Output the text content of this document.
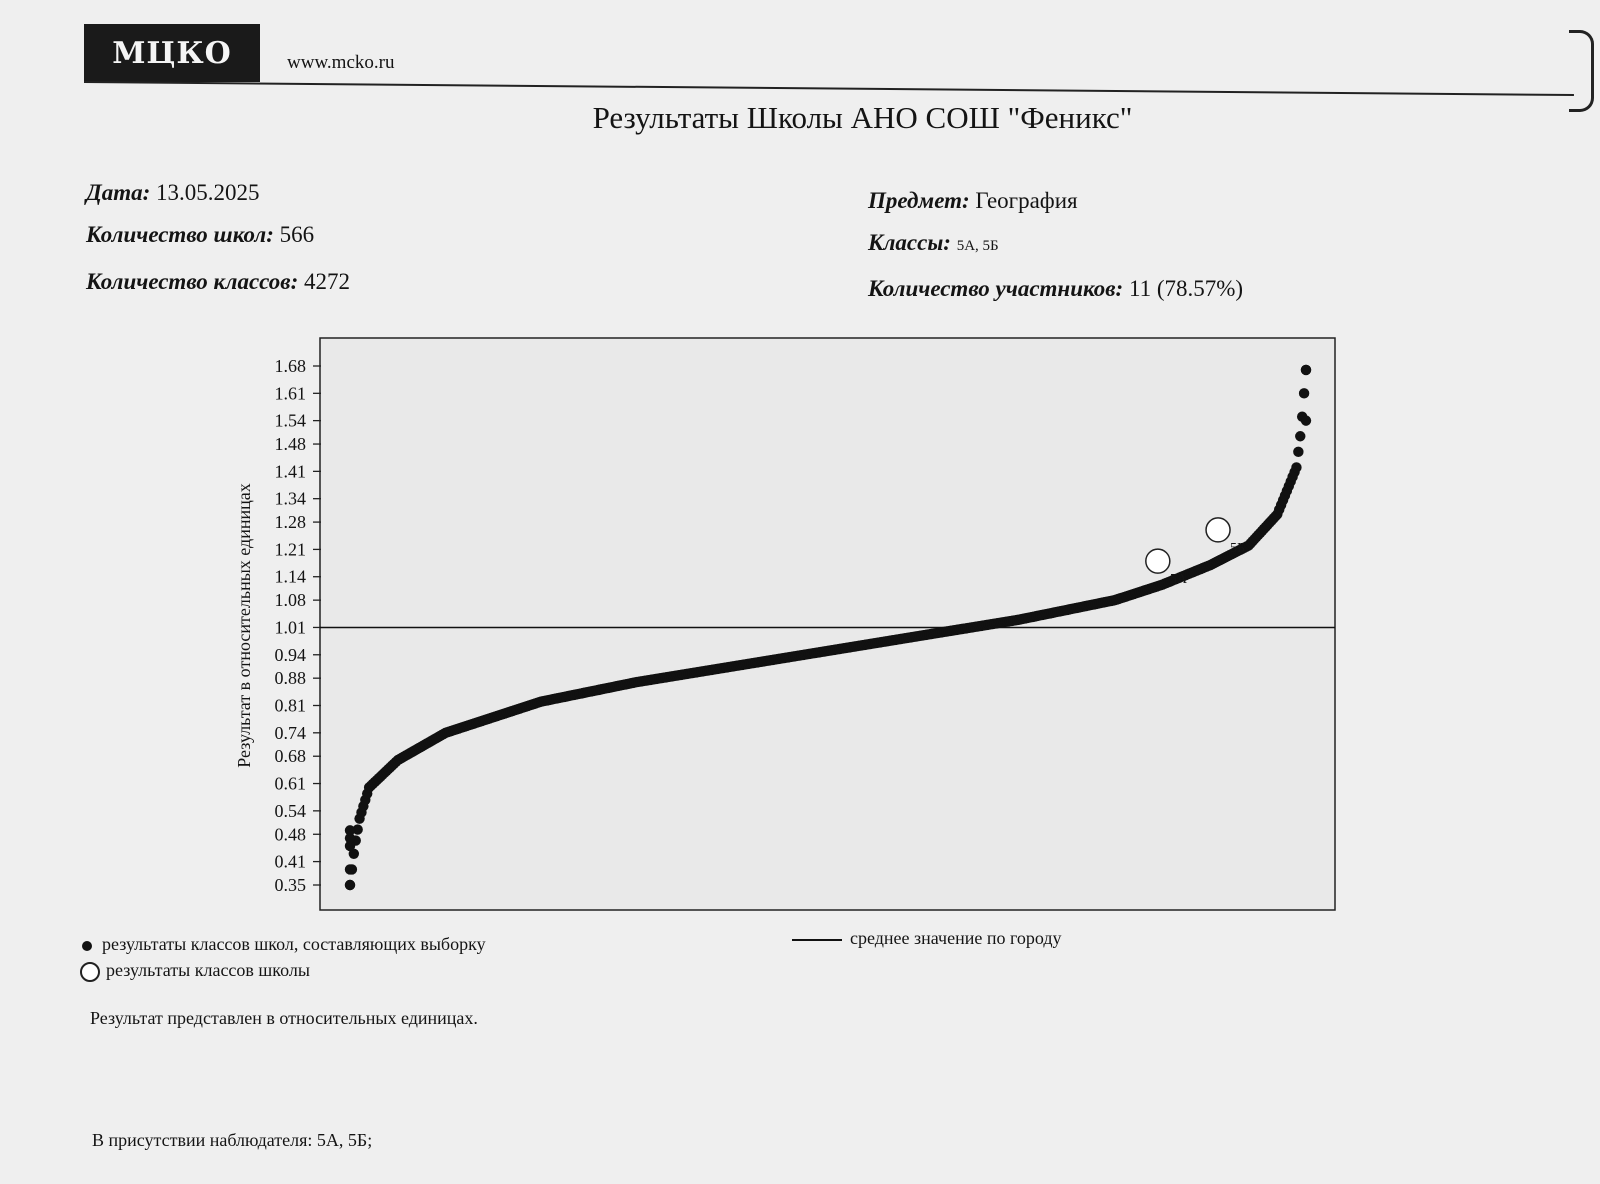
МЦКО	www.mcko.ru
Результаты Школы АНО СОШ "Феникс"
Дата: 13.05.2025
Количество школ: 566
Количество классов: 4272
Предмет: География
Классы: 5А, 5Б
Количество участников: 11 (78.57%)
1.68
1.61
1.54
1.48
1.41
1.34
1.28
1.21
1.14
1.08
1.01
0.94
0.88
0.81
0.74
0.68
0.61
0.54
0.48
0.41
0.35
Результат в относительных единицах	5А
5Б
результаты классов школ, составляющих выборку
результаты классов школы
среднее значение по городу
Результат представлен в относительных единицах.
В присутствии наблюдателя: 5А, 5Б;
